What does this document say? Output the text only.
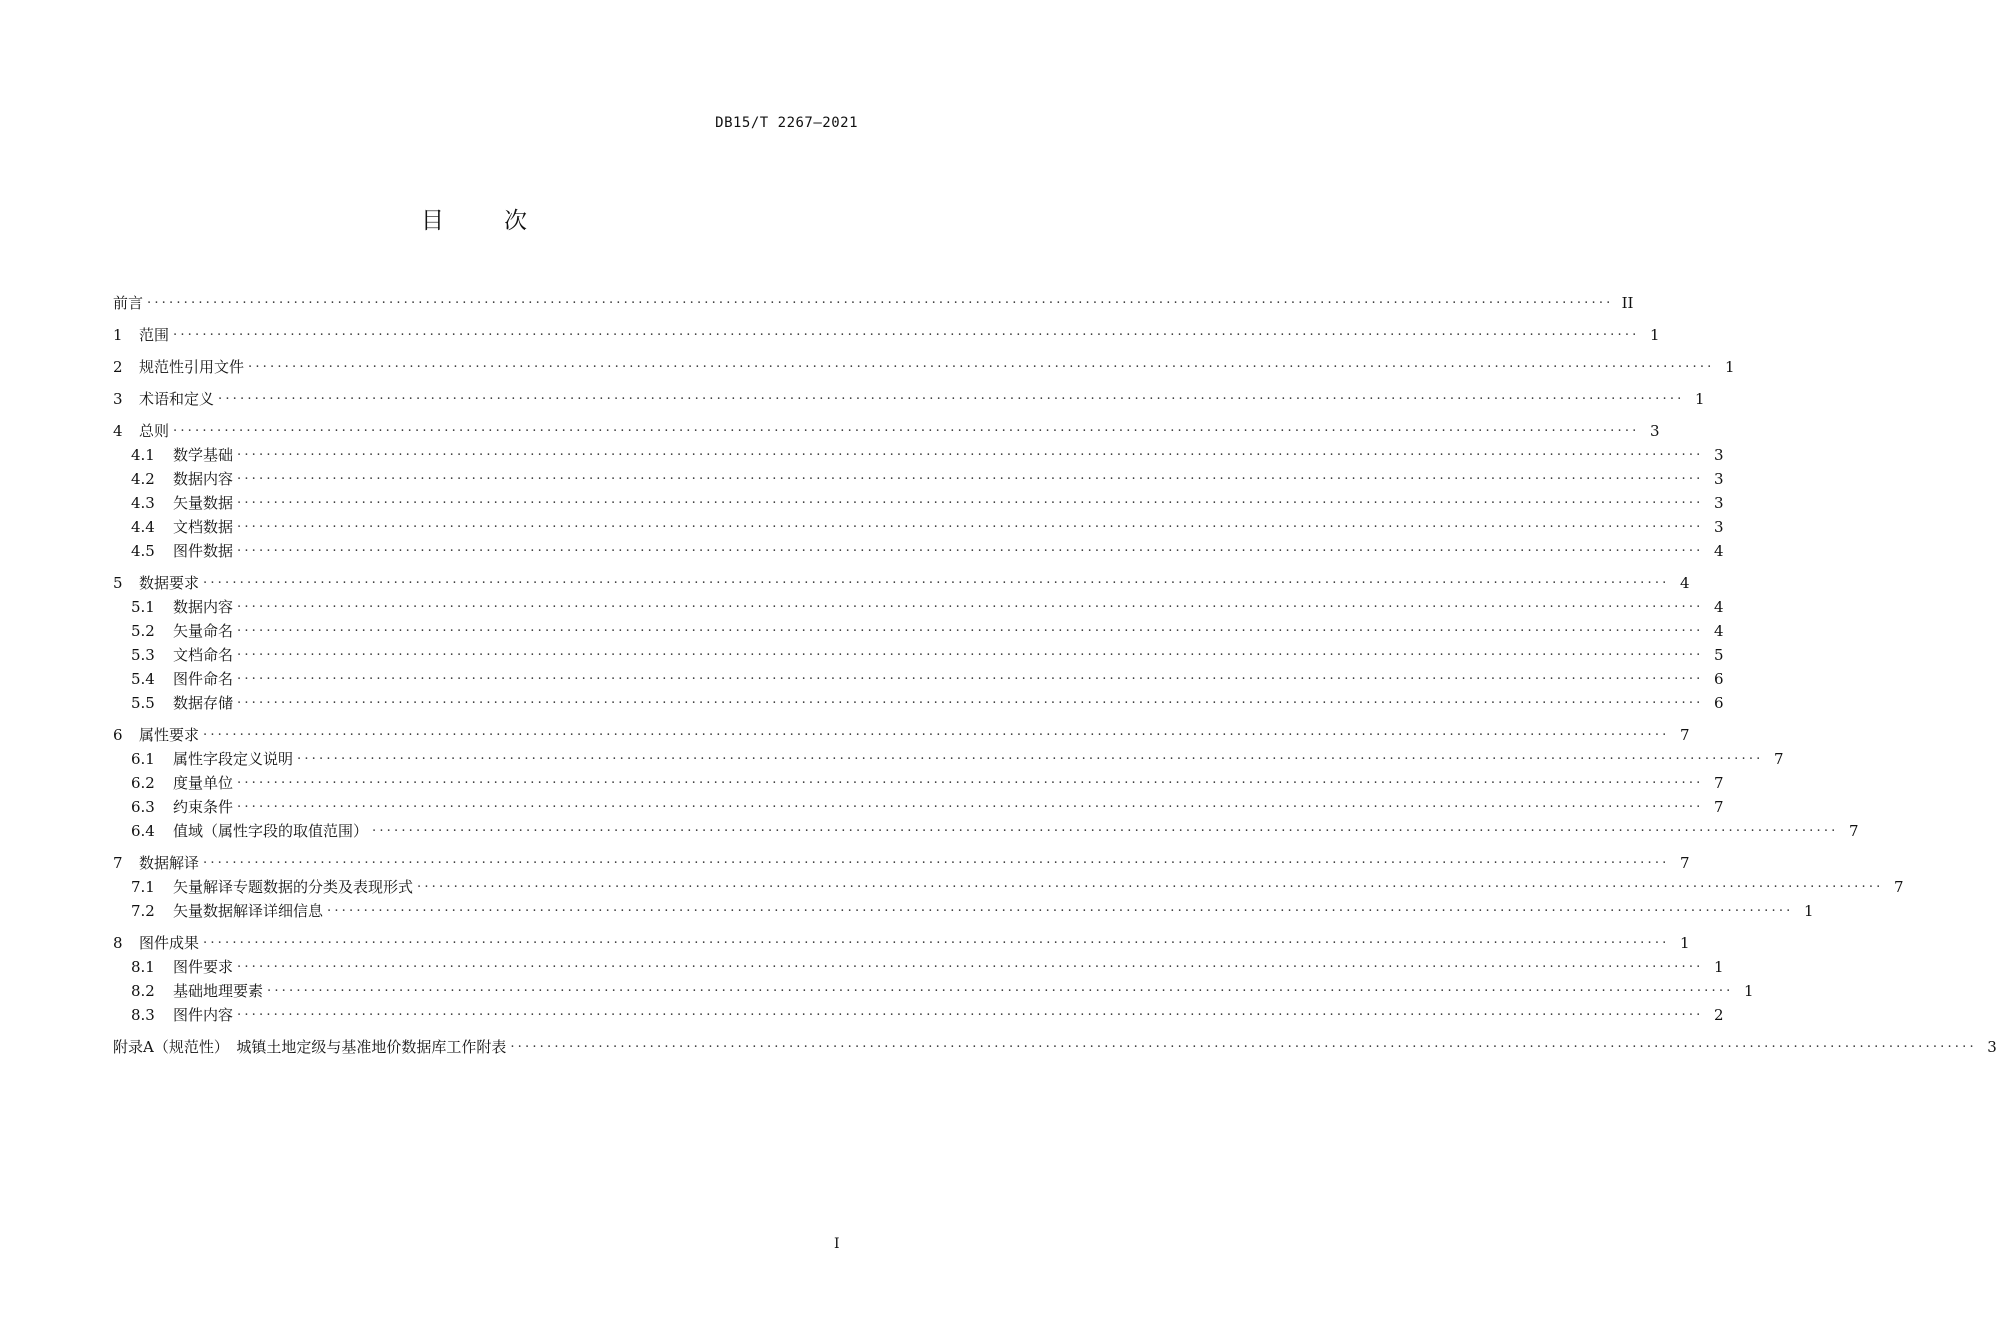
DB15/T 2267—2021
目	次
前言 ........................................................................................................................................................................................................ II
1	范围 ........................................................................................................................................................................................................ 1
2	规范性引用文件 ........................................................................................................................................................................................................ 1
3	术语和定义 ........................................................................................................................................................................................................ 1
4	总则 ........................................................................................................................................................................................................ 3
4.1	数学基础 ........................................................................................................................................................................................................ 3
4.2	数据内容 ........................................................................................................................................................................................................ 3
4.3	矢量数据 ........................................................................................................................................................................................................ 3
4.4	文档数据 ........................................................................................................................................................................................................ 3
4.5	图件数据 ........................................................................................................................................................................................................ 4
5	数据要求 ........................................................................................................................................................................................................ 4
5.1	数据内容 ........................................................................................................................................................................................................ 4
5.2	矢量命名 ........................................................................................................................................................................................................ 4
5.3	文档命名 ........................................................................................................................................................................................................ 5
5.4	图件命名 ........................................................................................................................................................................................................ 6
5.5	数据存储 ........................................................................................................................................................................................................ 6
6	属性要求 ........................................................................................................................................................................................................ 7
6.1	属性字段定义说明 ........................................................................................................................................................................................................ 7
6.2	度量单位 ........................................................................................................................................................................................................ 7
6.3	约束条件 ........................................................................................................................................................................................................ 7
6.4	值域（属性字段的取值范围） ........................................................................................................................................................................................................ 7
7	数据解译 ........................................................................................................................................................................................................ 7
7.1	矢量解译专题数据的分类及表现形式 ........................................................................................................................................................................................................ 7
7.2	矢量数据解译详细信息 ........................................................................................................................................................................................................ 1
8	图件成果 ........................................................................................................................................................................................................ 1
8.1	图件要求 ........................................................................................................................................................................................................ 1
8.2	基础地理要素 ........................................................................................................................................................................................................ 1
8.3	图件内容 ........................................................................................................................................................................................................ 2
附录A（规范性）　城镇土地定级与基准地价数据库工作附表 ........................................................................................................................................................................................................ 3
I
